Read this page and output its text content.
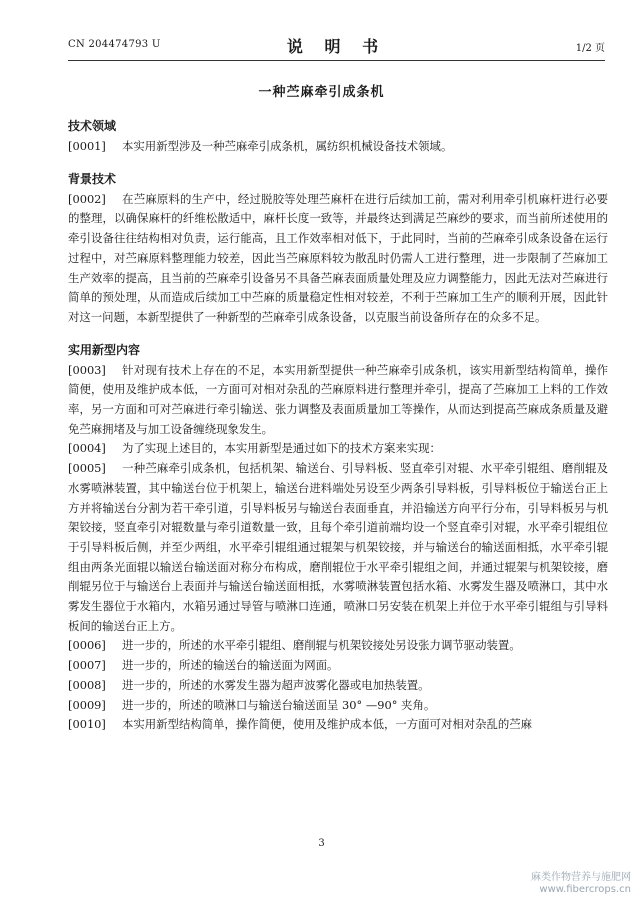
CN 204474793 U	说 明 书	1/2 页
一种苎麻牵引成条机

技术领域

[0001] 本实用新型涉及一种苎麻牵引成条机，属纺织机械设备技术领域。

背景技术

[0002] 在苎麻原料的生产中，经过脱胶等处理苎麻杆在进行后续加工前，需对利用牵引机麻杆进行必要的整理，以确保麻杆的纤维松散适中，麻杆长度一致等，并最终达到满足苎麻纱的要求，而当前所述使用的牵引设备往往结构相对负责，运行能高，且工作效率相对低下，于此同时，当前的苎麻牵引成条设备在运行过程中，对苎麻原料整理能力较差，因此当苎麻原料较为散乱时仍需人工进行整理，进一步限制了苎麻加工生产效率的提高，且当前的苎麻牵引设备另不具备苎麻表面质量处理及应力调整能力，因此无法对苎麻进行简单的预处理，从而造成后续加工中苎麻的质量稳定性相对较差，不利于苎麻加工生产的顺利开展，因此针对这一问题，本新型提供了一种新型的苎麻牵引成条设备，以克服当前设备所存在的众多不足。

实用新型内容

[0003] 针对现有技术上存在的不足，本实用新型提供一种苎麻牵引成条机，该实用新型结构简单，操作简便，使用及维护成本低，一方面可对相对杂乱的苎麻原料进行整理并牵引，提高了苎麻加工上料的工作效率，另一方面和可对苎麻进行牵引输送、张力调整及表面质量加工等操作，从而达到提高苎麻成条质量及避免苎麻拥堵及与加工设备缠绕现象发生。

[0004] 为了实现上述目的，本实用新型是通过如下的技术方案来实现：

[0005] 一种苎麻牵引成条机，包括机架、输送台、引导料板、竖直牵引对辊、水平牵引辊组、磨削辊及水雾喷淋装置，其中输送台位于机架上，输送台进料端处另设至少两条引导料板，引导料板位于输送台正上方并将输送台分割为若干牵引道，引导料板另与输送台表面垂直，并沿输送方向平行分布，引导料板另与机架铰接，竖直牵引对辊数量与牵引道数量一致，且每个牵引道前端均设一个竖直牵引对辊，水平牵引辊组位于引导料板后侧，并至少两组，水平牵引辊组通过辊架与机架铰接，并与输送台的输送面相抵，水平牵引辊组由两条光面辊以输送台输送面对称分布构成，磨削辊位于水平牵引辊组之间，并通过辊架与机架铰接，磨削辊另位于与输送台上表面并与输送台输送面相抵，水雾喷淋装置包括水箱、水雾发生器及喷淋口，其中水雾发生器位于水箱内，水箱另通过导管与喷淋口连通，喷淋口另安装在机架上并位于水平牵引辊组与引导料板间的输送台正上方。

[0006] 进一步的，所述的水平牵引辊组、磨削辊与机架铰接处另设张力调节驱动装置。

[0007] 进一步的，所述的输送台的输送面为网面。

[0008] 进一步的，所述的水雾发生器为超声波雾化器或电加热装置。

[0009] 进一步的，所述的喷淋口与输送台输送面呈 30° —90° 夹角。

[0010] 本实用新型结构简单，操作简便，使用及维护成本低，一方面可对相对杂乱的苎麻

3
麻类作物营养与施肥网
www.fibercrops.cn
